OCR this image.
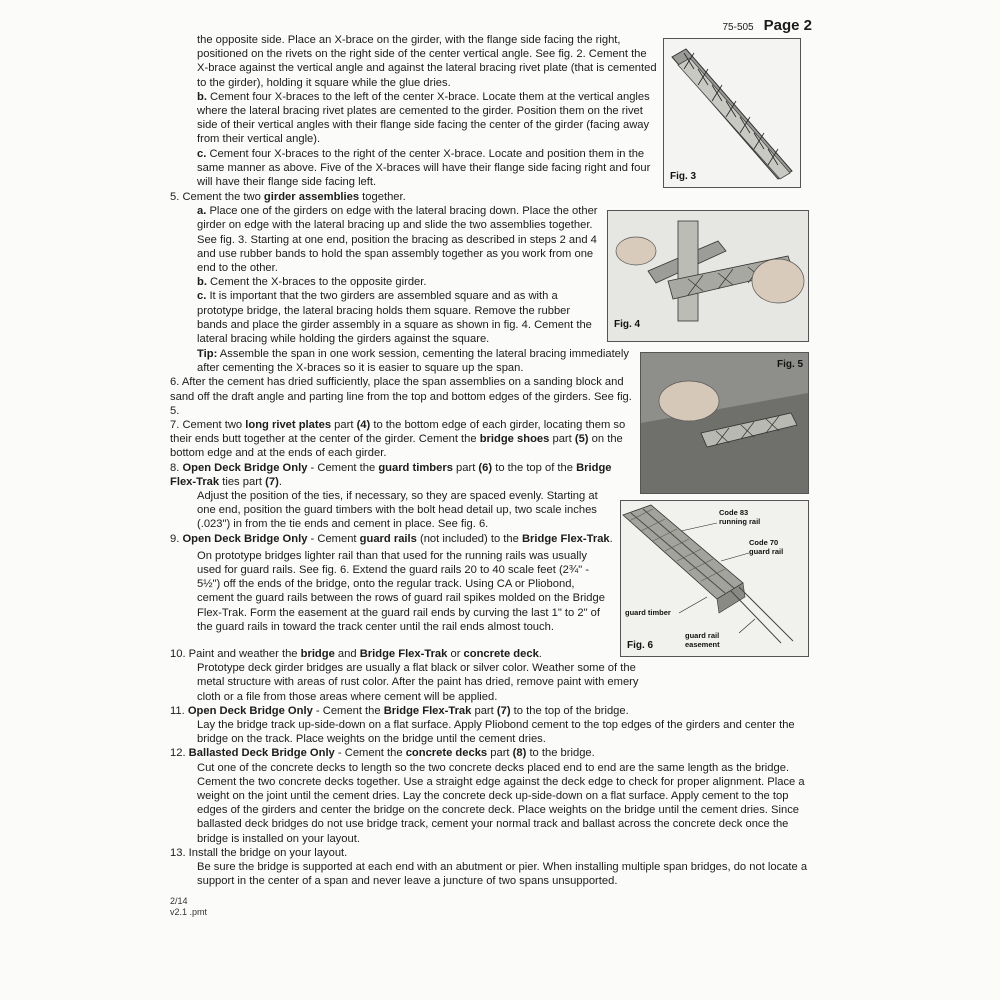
75-505 Page 2

the opposite side. Place an X-brace on the girder, with the flange side facing the right, positioned on the rivets on the right side of the center vertical angle. See fig. 2. Cement the X-brace against the vertical angle and against the lateral bracing rivet plate (that is cemented to the girder), holding it square while the glue dries.

b. Cement four X-braces to the left of the center X-brace. Locate them at the vertical angles where the lateral bracing rivet plates are cemented to the girder. Position them on the rivet side of their vertical angles with their flange side facing the center of the girder (facing away from their vertical angle).

c. Cement four X-braces to the right of the center X-brace. Locate and position them in the same manner as above. Five of the X-braces will have their flange side facing right and four will have their flange side facing left.

5. Cement the two girder assemblies together.

a. Place one of the girders on edge with the lateral bracing down. Place the other girder on edge with the lateral bracing up and slide the two assemblies together. See fig. 3. Starting at one end, position the bracing as described in steps 2 and 4 and use rubber bands to hold the span assembly together as you work from one end to the other.

b. Cement the X-braces to the opposite girder.

c. It is important that the two girders are assembled square and as with a prototype bridge, the lateral bracing holds them square. Remove the rubber bands and place the girder assembly in a square as shown in fig. 4. Cement the lateral bracing while holding the girders against the square.

Tip: Assemble the span in one work session, cementing the lateral bracing immediately after cementing the X-braces so it is easier to square up the span.

6. After the cement has dried sufficiently, place the span assemblies on a sanding block and sand off the draft angle and parting line from the top and bottom edges of the girders. See fig. 5.

7. Cement two long rivet plates part (4) to the bottom edge of each girder, locating them so their ends butt together at the center of the girder. Cement the bridge shoes part (5) on the bottom edge and at the ends of each girder.

8. Open Deck Bridge Only - Cement the guard timbers part (6) to the top of the Bridge Flex-Trak ties part (7).

Adjust the position of the ties, if necessary, so they are spaced evenly. Starting at one end, position the guard timbers with the bolt head detail up, two scale inches (.023") in from the tie ends and cement in place. See fig. 6.

9. Open Deck Bridge Only - Cement guard rails (not included) to the Bridge Flex-Trak.

On prototype bridges lighter rail than that used for the running rails was usually used for guard rails. See fig. 6. Extend the guard rails 20 to 40 scale feet (2¾" - 5½") off the ends of the bridge, onto the regular track. Using CA or Pliobond, cement the guard rails between the rows of guard rail spikes molded on the Bridge Flex-Trak. Form the easement at the guard rail ends by curving the last 1" to 2" of the guard rails in toward the track center until the rail ends almost touch.

10. Paint and weather the bridge and Bridge Flex-Trak or concrete deck.

Prototype deck girder bridges are usually a flat black or silver color. Weather some of the metal structure with areas of rust color. After the paint has dried, remove paint with emery cloth or a file from those areas where cement will be applied.

11. Open Deck Bridge Only - Cement the Bridge Flex-Trak part (7) to the top of the bridge.

Lay the bridge track up-side-down on a flat surface. Apply Pliobond cement to the top edges of the girders and center the bridge on the track. Place weights on the bridge until the cement dries.

12. Ballasted Deck Bridge Only - Cement the concrete decks part (8) to the bridge.

Cut one of the concrete decks to length so the two concrete decks placed end to end are the same length as the bridge. Cement the two concrete decks together. Use a straight edge against the deck edge to check for proper alignment. Place a weight on the joint until the cement dries. Lay the concrete deck up-side-down on a flat surface. Apply cement to the top edges of the girders and center the bridge on the concrete deck. Place weights on the bridge until the cement dries. Since ballasted deck bridges do not use bridge track, cement your normal track and ballast across the concrete deck once the bridge is installed on your layout.

13. Install the bridge on your layout.

Be sure the bridge is supported at each end with an abutment or pier. When installing multiple span bridges, do not locate a support in the center of a span and never leave a juncture of two spans unsupported.

Fig. 3
Fig. 4
Fig. 5
Code 83
running rail
Code 70
guard rail
guard timber
guard rail
easement
Fig. 6
2/14
v2.1 .pmt
